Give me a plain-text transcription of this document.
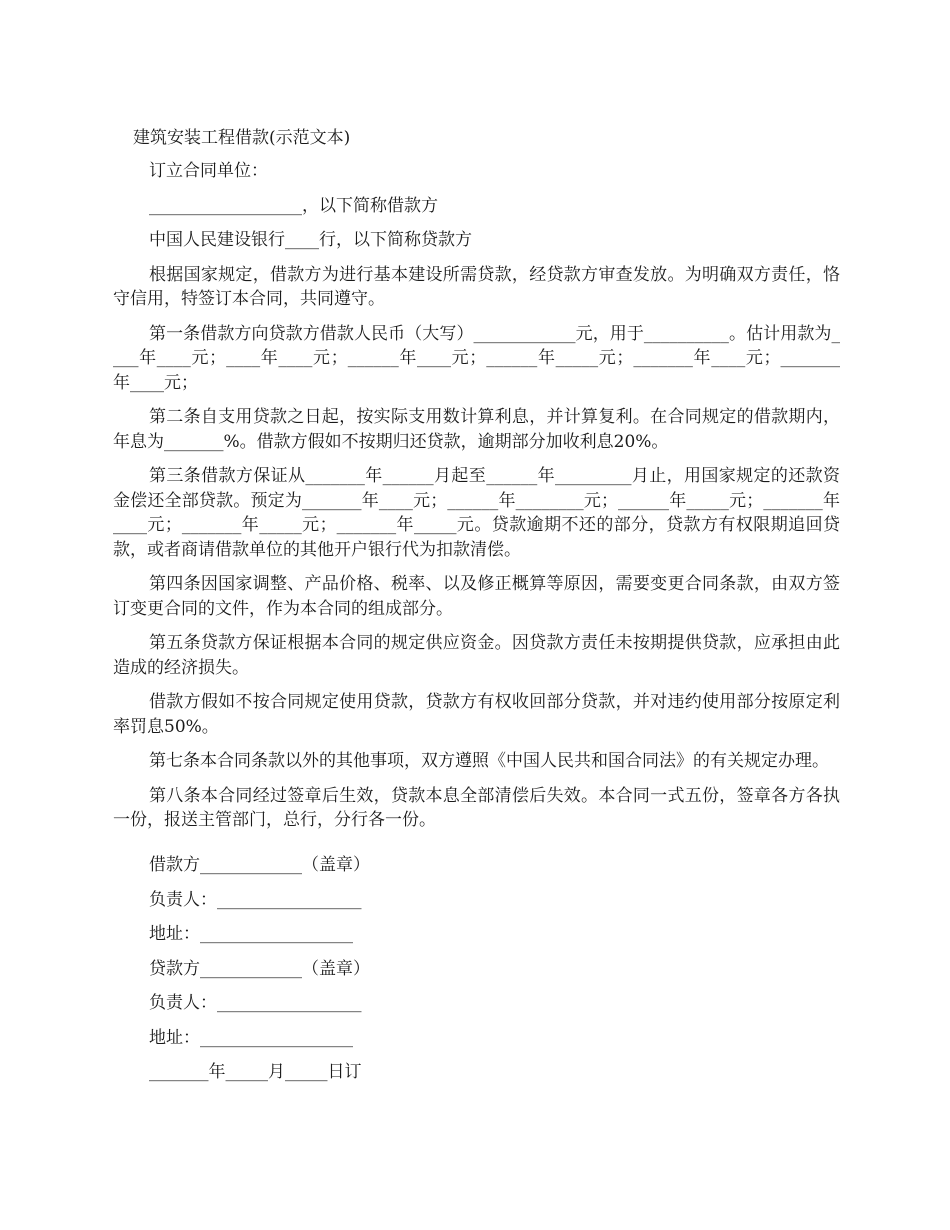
建筑安装工程借款(示范文本)

订立合同单位：

__________________，以下简称借款方

中国人民建设银行____行，以下简称贷款方

根据国家规定，借款方为进行基本建设所需贷款，经贷款方审查发放。为明确双方责任，恪守信用，特签订本合同，共同遵守。

第一条借款方向贷款方借款人民币（大写）____________元，用于__________。估计用款为____年____元；____年____元；______年____元；______年_____元；_______年____元；_______年____元；

第二条自支用贷款之日起，按实际支用数计算利息，并计算复利。在合同规定的借款期内，年息为_______%。借款方假如不按期归还贷款，逾期部分加收利息20%。

第三条借款方保证从_______年______月起至______年_________月止，用国家规定的还款资金偿还全部贷款。预定为_______年____元；______年________元；______年_____元；_______年____元；_______年_____元；_______年_____元。贷款逾期不还的部分，贷款方有权限期追回贷款，或者商请借款单位的其他开户银行代为扣款清偿。

第四条因国家调整、产品价格、税率、以及修正概算等原因，需要变更合同条款，由双方签订变更合同的文件，作为本合同的组成部分。

第五条贷款方保证根据本合同的规定供应资金。因贷款方责任未按期提供贷款，应承担由此造成的经济损失。

借款方假如不按合同规定使用贷款，贷款方有权收回部分贷款，并对违约使用部分按原定利率罚息50%。

第七条本合同条款以外的其他事项，双方遵照《中国人民共和国合同法》的有关规定办理。

第八条本合同经过签章后生效，贷款本息全部清偿后失效。本合同一式五份，签章各方各执一份，报送主管部门，总行，分行各一份。

借款方____________（盖章）
负责人：_________________
地址：__________________
贷款方____________（盖章）
负责人：_________________
地址：__________________
_______年_____月_____日订
